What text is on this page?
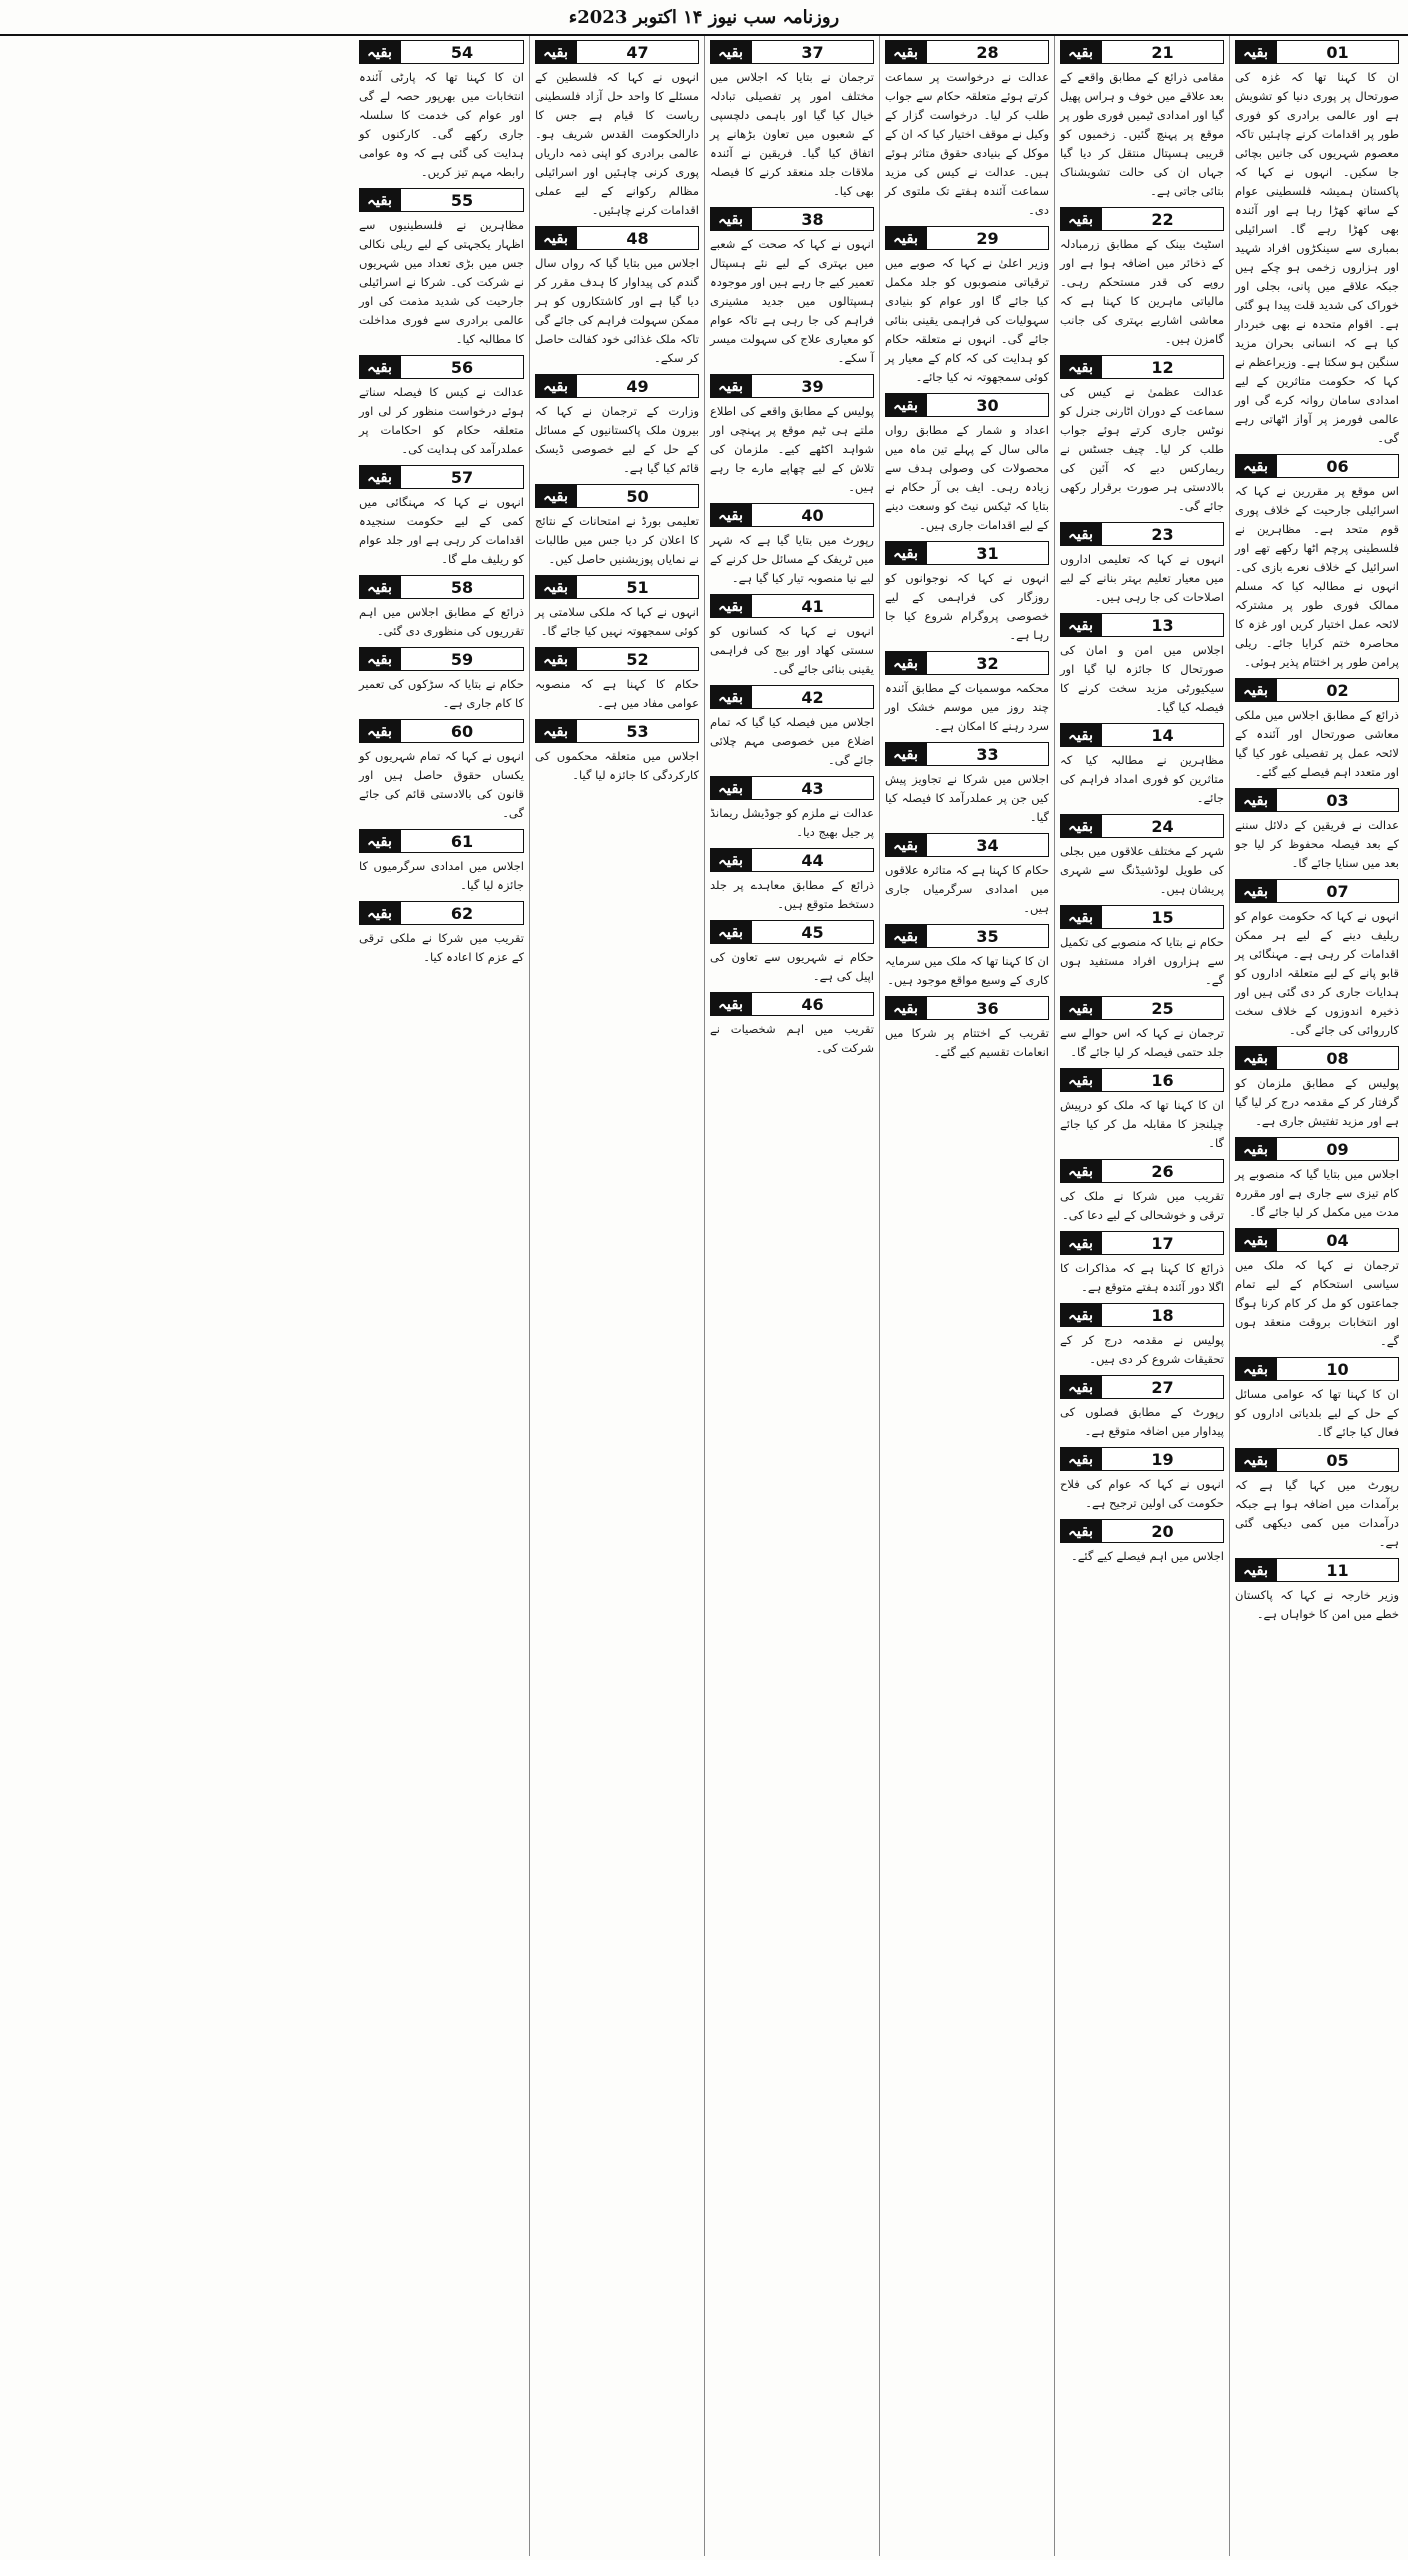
روزنامہ سب نیوز ۱۴ اکتوبر 2023ء
01
بقیہ
ان کا کہنا تھا کہ غزہ کی صورتحال پر پوری دنیا کو تشویش ہے اور عالمی برادری کو فوری طور پر اقدامات کرنے چاہئیں تاکہ معصوم شہریوں کی جانیں بچائی جا سکیں۔ انہوں نے کہا کہ پاکستان ہمیشہ فلسطینی عوام کے ساتھ کھڑا رہا ہے اور آئندہ بھی کھڑا رہے گا۔ اسرائیلی بمباری سے سینکڑوں افراد شہید اور ہزاروں زخمی ہو چکے ہیں جبکہ علاقے میں پانی، بجلی اور خوراک کی شدید قلت پیدا ہو گئی ہے۔ اقوام متحدہ نے بھی خبردار کیا ہے کہ انسانی بحران مزید سنگین ہو سکتا ہے۔ وزیراعظم نے کہا کہ حکومت متاثرین کے لیے امدادی سامان روانہ کرے گی اور عالمی فورمز پر آواز اٹھاتی رہے گی۔
06
بقیہ
اس موقع پر مقررین نے کہا کہ اسرائیلی جارحیت کے خلاف پوری قوم متحد ہے۔ مظاہرین نے فلسطینی پرچم اٹھا رکھے تھے اور اسرائیل کے خلاف نعرے بازی کی۔ انہوں نے مطالبہ کیا کہ مسلم ممالک فوری طور پر مشترکہ لائحہ عمل اختیار کریں اور غزہ کا محاصرہ ختم کرایا جائے۔ ریلی پرامن طور پر اختتام پذیر ہوئی۔
02
بقیہ
ذرائع کے مطابق اجلاس میں ملکی معاشی صورتحال اور آئندہ کے لائحہ عمل پر تفصیلی غور کیا گیا اور متعدد اہم فیصلے کیے گئے۔
03
بقیہ
عدالت نے فریقین کے دلائل سننے کے بعد فیصلہ محفوظ کر لیا جو بعد میں سنایا جائے گا۔
07
بقیہ
انہوں نے کہا کہ حکومت عوام کو ریلیف دینے کے لیے ہر ممکن اقدامات کر رہی ہے۔ مہنگائی پر قابو پانے کے لیے متعلقہ اداروں کو ہدایات جاری کر دی گئی ہیں اور ذخیرہ اندوزوں کے خلاف سخت کارروائی کی جائے گی۔
08
بقیہ
پولیس کے مطابق ملزمان کو گرفتار کر کے مقدمہ درج کر لیا گیا ہے اور مزید تفتیش جاری ہے۔
09
بقیہ
اجلاس میں بتایا گیا کہ منصوبے پر کام تیزی سے جاری ہے اور مقررہ مدت میں مکمل کر لیا جائے گا۔
04
بقیہ
ترجمان نے کہا کہ ملک میں سیاسی استحکام کے لیے تمام جماعتوں کو مل کر کام کرنا ہوگا اور انتخابات بروقت منعقد ہوں گے۔
10
بقیہ
ان کا کہنا تھا کہ عوامی مسائل کے حل کے لیے بلدیاتی اداروں کو فعال کیا جائے گا۔
05
بقیہ
رپورٹ میں کہا گیا ہے کہ برآمدات میں اضافہ ہوا ہے جبکہ درآمدات میں کمی دیکھی گئی ہے۔
11
بقیہ
وزیر خارجہ نے کہا کہ پاکستان خطے میں امن کا خواہاں ہے۔
21
بقیہ
مقامی ذرائع کے مطابق واقعے کے بعد علاقے میں خوف و ہراس پھیل گیا اور امدادی ٹیمیں فوری طور پر موقع پر پہنچ گئیں۔ زخمیوں کو قریبی ہسپتال منتقل کر دیا گیا جہاں ان کی حالت تشویشناک بتائی جاتی ہے۔
22
بقیہ
اسٹیٹ بینک کے مطابق زرمبادلہ کے ذخائر میں اضافہ ہوا ہے اور روپے کی قدر مستحکم رہی۔ مالیاتی ماہرین کا کہنا ہے کہ معاشی اشاریے بہتری کی جانب گامزن ہیں۔
12
بقیہ
عدالت عظمیٰ نے کیس کی سماعت کے دوران اٹارنی جنرل کو نوٹس جاری کرتے ہوئے جواب طلب کر لیا۔ چیف جسٹس نے ریمارکس دیے کہ آئین کی بالادستی ہر صورت برقرار رکھی جائے گی۔
23
بقیہ
انہوں نے کہا کہ تعلیمی اداروں میں معیار تعلیم بہتر بنانے کے لیے اصلاحات کی جا رہی ہیں۔
13
بقیہ
اجلاس میں امن و امان کی صورتحال کا جائزہ لیا گیا اور سیکیورٹی مزید سخت کرنے کا فیصلہ کیا گیا۔
14
بقیہ
مظاہرین نے مطالبہ کیا کہ متاثرین کو فوری امداد فراہم کی جائے۔
24
بقیہ
شہر کے مختلف علاقوں میں بجلی کی طویل لوڈشیڈنگ سے شہری پریشان ہیں۔
15
بقیہ
حکام نے بتایا کہ منصوبے کی تکمیل سے ہزاروں افراد مستفید ہوں گے۔
25
بقیہ
ترجمان نے کہا کہ اس حوالے سے جلد حتمی فیصلہ کر لیا جائے گا۔
16
بقیہ
ان کا کہنا تھا کہ ملک کو درپیش چیلنجز کا مقابلہ مل کر کیا جائے گا۔
26
بقیہ
تقریب میں شرکا نے ملک کی ترقی و خوشحالی کے لیے دعا کی۔
17
بقیہ
ذرائع کا کہنا ہے کہ مذاکرات کا اگلا دور آئندہ ہفتے متوقع ہے۔
18
بقیہ
پولیس نے مقدمہ درج کر کے تحقیقات شروع کر دی ہیں۔
27
بقیہ
رپورٹ کے مطابق فصلوں کی پیداوار میں اضافہ متوقع ہے۔
19
بقیہ
انہوں نے کہا کہ عوام کی فلاح حکومت کی اولین ترجیح ہے۔
20
بقیہ
اجلاس میں اہم فیصلے کیے گئے۔
28
بقیہ
عدالت نے درخواست پر سماعت کرتے ہوئے متعلقہ حکام سے جواب طلب کر لیا۔ درخواست گزار کے وکیل نے موقف اختیار کیا کہ ان کے موکل کے بنیادی حقوق متاثر ہوئے ہیں۔ عدالت نے کیس کی مزید سماعت آئندہ ہفتے تک ملتوی کر دی۔
29
بقیہ
وزیر اعلیٰ نے کہا کہ صوبے میں ترقیاتی منصوبوں کو جلد مکمل کیا جائے گا اور عوام کو بنیادی سہولیات کی فراہمی یقینی بنائی جائے گی۔ انہوں نے متعلقہ حکام کو ہدایت کی کہ کام کے معیار پر کوئی سمجھوتہ نہ کیا جائے۔
30
بقیہ
اعداد و شمار کے مطابق رواں مالی سال کے پہلے تین ماہ میں محصولات کی وصولی ہدف سے زیادہ رہی۔ ایف بی آر حکام نے بتایا کہ ٹیکس نیٹ کو وسعت دینے کے لیے اقدامات جاری ہیں۔
31
بقیہ
انہوں نے کہا کہ نوجوانوں کو روزگار کی فراہمی کے لیے خصوصی پروگرام شروع کیا جا رہا ہے۔
32
بقیہ
محکمہ موسمیات کے مطابق آئندہ چند روز میں موسم خشک اور سرد رہنے کا امکان ہے۔
33
بقیہ
اجلاس میں شرکا نے تجاویز پیش کیں جن پر عملدرآمد کا فیصلہ کیا گیا۔
34
بقیہ
حکام کا کہنا ہے کہ متاثرہ علاقوں میں امدادی سرگرمیاں جاری ہیں۔
35
بقیہ
ان کا کہنا تھا کہ ملک میں سرمایہ کاری کے وسیع مواقع موجود ہیں۔
36
بقیہ
تقریب کے اختتام پر شرکا میں انعامات تقسیم کیے گئے۔
37
بقیہ
ترجمان نے بتایا کہ اجلاس میں مختلف امور پر تفصیلی تبادلہ خیال کیا گیا اور باہمی دلچسپی کے شعبوں میں تعاون بڑھانے پر اتفاق کیا گیا۔ فریقین نے آئندہ ملاقات جلد منعقد کرنے کا فیصلہ بھی کیا۔
38
بقیہ
انہوں نے کہا کہ صحت کے شعبے میں بہتری کے لیے نئے ہسپتال تعمیر کیے جا رہے ہیں اور موجودہ ہسپتالوں میں جدید مشینری فراہم کی جا رہی ہے تاکہ عوام کو معیاری علاج کی سہولت میسر آ سکے۔
39
بقیہ
پولیس کے مطابق واقعے کی اطلاع ملتے ہی ٹیم موقع پر پہنچی اور شواہد اکٹھے کیے۔ ملزمان کی تلاش کے لیے چھاپے مارے جا رہے ہیں۔
40
بقیہ
رپورٹ میں بتایا گیا ہے کہ شہر میں ٹریفک کے مسائل حل کرنے کے لیے نیا منصوبہ تیار کیا گیا ہے۔
41
بقیہ
انہوں نے کہا کہ کسانوں کو سستی کھاد اور بیج کی فراہمی یقینی بنائی جائے گی۔
42
بقیہ
اجلاس میں فیصلہ کیا گیا کہ تمام اضلاع میں خصوصی مہم چلائی جائے گی۔
43
بقیہ
عدالت نے ملزم کو جوڈیشل ریمانڈ پر جیل بھیج دیا۔
44
بقیہ
ذرائع کے مطابق معاہدے پر جلد دستخط متوقع ہیں۔
45
بقیہ
حکام نے شہریوں سے تعاون کی اپیل کی ہے۔
46
بقیہ
تقریب میں اہم شخصیات نے شرکت کی۔
47
بقیہ
انہوں نے کہا کہ فلسطین کے مسئلے کا واحد حل آزاد فلسطینی ریاست کا قیام ہے جس کا دارالحکومت القدس شریف ہو۔ عالمی برادری کو اپنی ذمہ داریاں پوری کرنی چاہئیں اور اسرائیلی مظالم رکوانے کے لیے عملی اقدامات کرنے چاہئیں۔
48
بقیہ
اجلاس میں بتایا گیا کہ رواں سال گندم کی پیداوار کا ہدف مقرر کر دیا گیا ہے اور کاشتکاروں کو ہر ممکن سہولت فراہم کی جائے گی تاکہ ملک غذائی خود کفالت حاصل کر سکے۔
49
بقیہ
وزارت کے ترجمان نے کہا کہ بیرون ملک پاکستانیوں کے مسائل کے حل کے لیے خصوصی ڈیسک قائم کیا گیا ہے۔
50
بقیہ
تعلیمی بورڈ نے امتحانات کے نتائج کا اعلان کر دیا جس میں طالبات نے نمایاں پوزیشنیں حاصل کیں۔
51
بقیہ
انہوں نے کہا کہ ملکی سلامتی پر کوئی سمجھوتہ نہیں کیا جائے گا۔
52
بقیہ
حکام کا کہنا ہے کہ منصوبہ عوامی مفاد میں ہے۔
53
بقیہ
اجلاس میں متعلقہ محکموں کی کارکردگی کا جائزہ لیا گیا۔
54
بقیہ
ان کا کہنا تھا کہ پارٹی آئندہ انتخابات میں بھرپور حصہ لے گی اور عوام کی خدمت کا سلسلہ جاری رکھے گی۔ کارکنوں کو ہدایت کی گئی ہے کہ وہ عوامی رابطہ مہم تیز کریں۔
55
بقیہ
مظاہرین نے فلسطینیوں سے اظہار یکجہتی کے لیے ریلی نکالی جس میں بڑی تعداد میں شہریوں نے شرکت کی۔ شرکا نے اسرائیلی جارحیت کی شدید مذمت کی اور عالمی برادری سے فوری مداخلت کا مطالبہ کیا۔
56
بقیہ
عدالت نے کیس کا فیصلہ سناتے ہوئے درخواست منظور کر لی اور متعلقہ حکام کو احکامات پر عملدرآمد کی ہدایت کی۔
57
بقیہ
انہوں نے کہا کہ مہنگائی میں کمی کے لیے حکومت سنجیدہ اقدامات کر رہی ہے اور جلد عوام کو ریلیف ملے گا۔
58
بقیہ
ذرائع کے مطابق اجلاس میں اہم تقرریوں کی منظوری دی گئی۔
59
بقیہ
حکام نے بتایا کہ سڑکوں کی تعمیر کا کام جاری ہے۔
60
بقیہ
انہوں نے کہا کہ تمام شہریوں کو یکساں حقوق حاصل ہیں اور قانون کی بالادستی قائم کی جائے گی۔
61
بقیہ
اجلاس میں امدادی سرگرمیوں کا جائزہ لیا گیا۔
62
بقیہ
تقریب میں شرکا نے ملکی ترقی کے عزم کا اعادہ کیا۔
